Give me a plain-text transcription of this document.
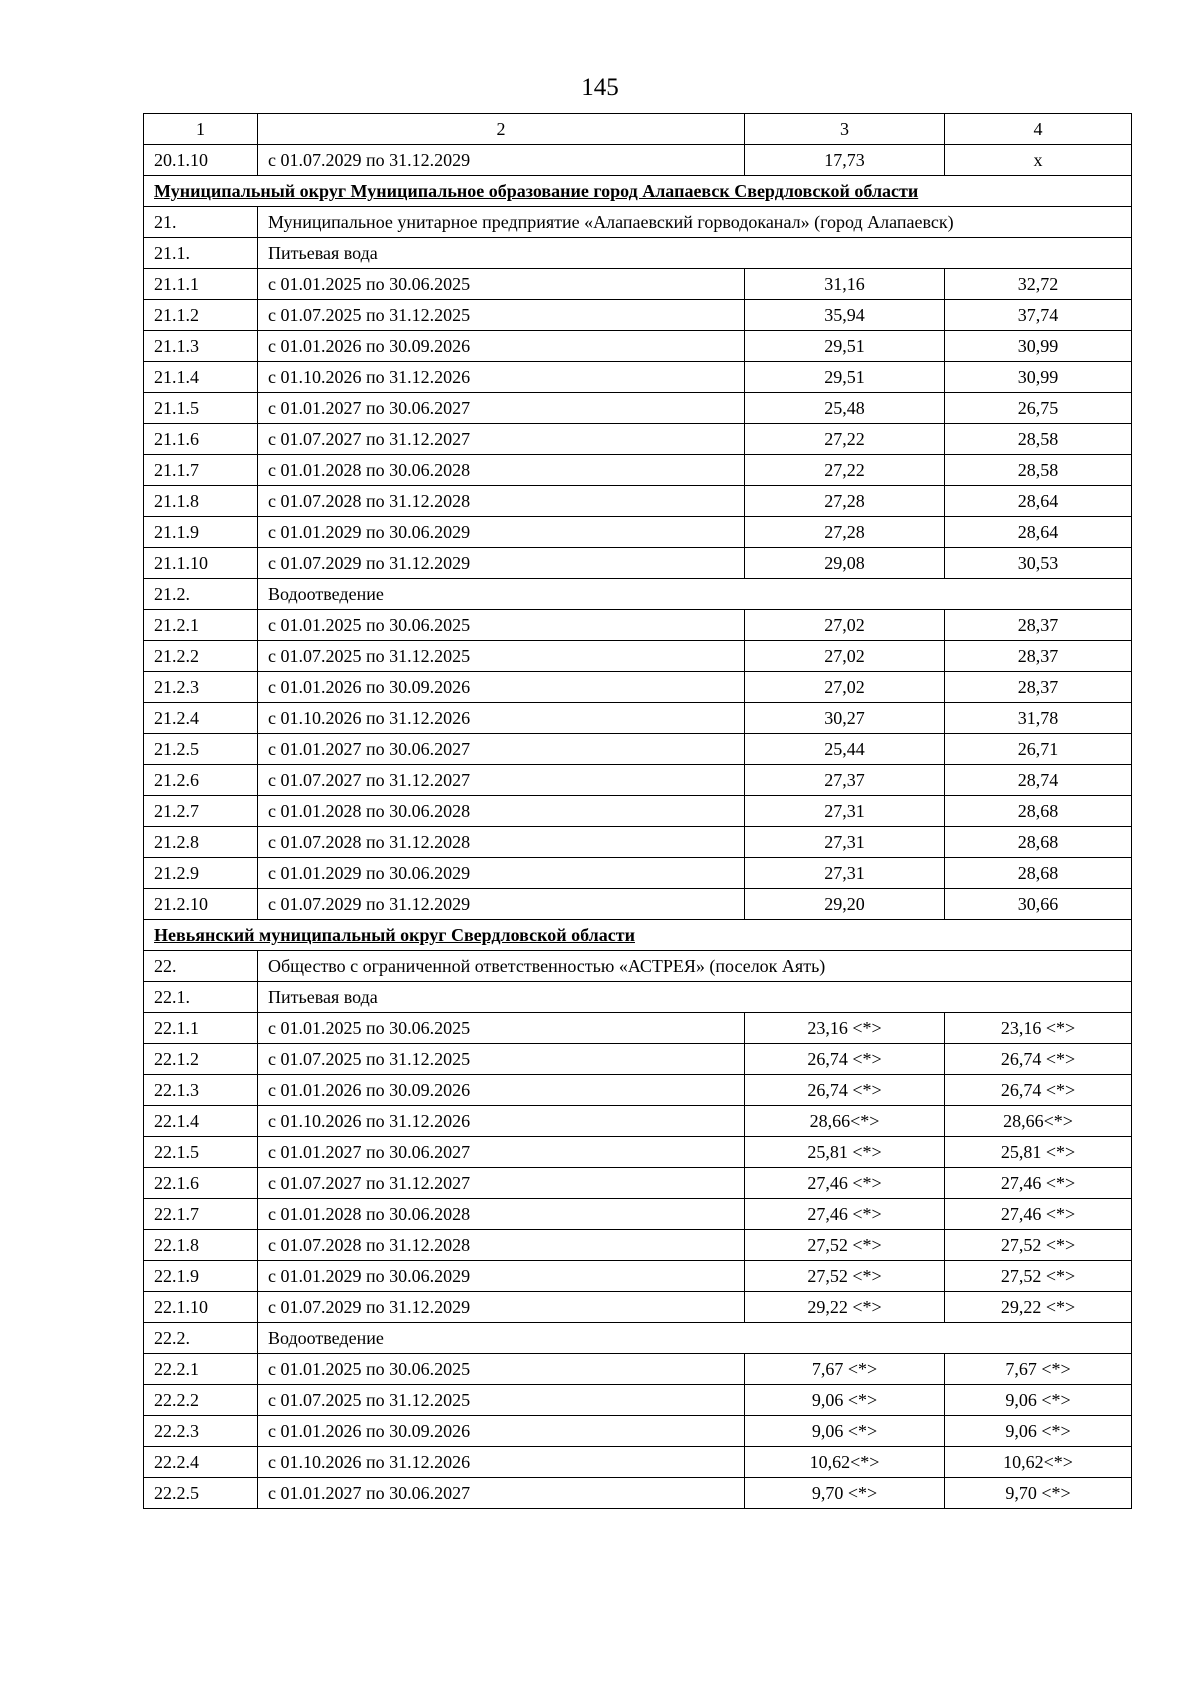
145
1	2	3	4
20.1.10	с 01.07.2029 по 31.12.2029	17,73	х
Муниципальный округ Муниципальное образование город Алапаевск Свердловской области			
21.	Муниципальное унитарное предприятие «Алапаевский горводоканал» (город Алапаевск)		
21.1.	Питьевая вода		
21.1.1	с 01.01.2025 по 30.06.2025	31,16	32,72
21.1.2	с 01.07.2025 по 31.12.2025	35,94	37,74
21.1.3	с 01.01.2026 по 30.09.2026	29,51	30,99
21.1.4	с 01.10.2026 по 31.12.2026	29,51	30,99
21.1.5	с 01.01.2027 по 30.06.2027	25,48	26,75
21.1.6	с 01.07.2027 по 31.12.2027	27,22	28,58
21.1.7	с 01.01.2028 по 30.06.2028	27,22	28,58
21.1.8	с 01.07.2028 по 31.12.2028	27,28	28,64
21.1.9	с 01.01.2029 по 30.06.2029	27,28	28,64
21.1.10	с 01.07.2029 по 31.12.2029	29,08	30,53
21.2.	Водоотведение		
21.2.1	с 01.01.2025 по 30.06.2025	27,02	28,37
21.2.2	с 01.07.2025 по 31.12.2025	27,02	28,37
21.2.3	с 01.01.2026 по 30.09.2026	27,02	28,37
21.2.4	с 01.10.2026 по 31.12.2026	30,27	31,78
21.2.5	с 01.01.2027 по 30.06.2027	25,44	26,71
21.2.6	с 01.07.2027 по 31.12.2027	27,37	28,74
21.2.7	с 01.01.2028 по 30.06.2028	27,31	28,68
21.2.8	с 01.07.2028 по 31.12.2028	27,31	28,68
21.2.9	с 01.01.2029 по 30.06.2029	27,31	28,68
21.2.10	с 01.07.2029 по 31.12.2029	29,20	30,66
Невьянский муниципальный округ Свердловской области			
22.	Общество с ограниченной ответственностью «АСТРЕЯ» (поселок Аять)		
22.1.	Питьевая вода		
22.1.1	с 01.01.2025 по 30.06.2025	23,16 <*>	23,16 <*>
22.1.2	с 01.07.2025 по 31.12.2025	26,74 <*>	26,74 <*>
22.1.3	с 01.01.2026 по 30.09.2026	26,74 <*>	26,74 <*>
22.1.4	с 01.10.2026 по 31.12.2026	28,66<*>	28,66<*>
22.1.5	с 01.01.2027 по 30.06.2027	25,81 <*>	25,81 <*>
22.1.6	с 01.07.2027 по 31.12.2027	27,46 <*>	27,46 <*>
22.1.7	с 01.01.2028 по 30.06.2028	27,46 <*>	27,46 <*>
22.1.8	с 01.07.2028 по 31.12.2028	27,52 <*>	27,52 <*>
22.1.9	с 01.01.2029 по 30.06.2029	27,52 <*>	27,52 <*>
22.1.10	с 01.07.2029 по 31.12.2029	29,22 <*>	29,22 <*>
22.2.	Водоотведение		
22.2.1	с 01.01.2025 по 30.06.2025	7,67 <*>	7,67 <*>
22.2.2	с 01.07.2025 по 31.12.2025	9,06 <*>	9,06 <*>
22.2.3	с 01.01.2026 по 30.09.2026	9,06 <*>	9,06 <*>
22.2.4	с 01.10.2026 по 31.12.2026	10,62<*>	10,62<*>
22.2.5	с 01.01.2027 по 30.06.2027	9,70 <*>	9,70 <*>
